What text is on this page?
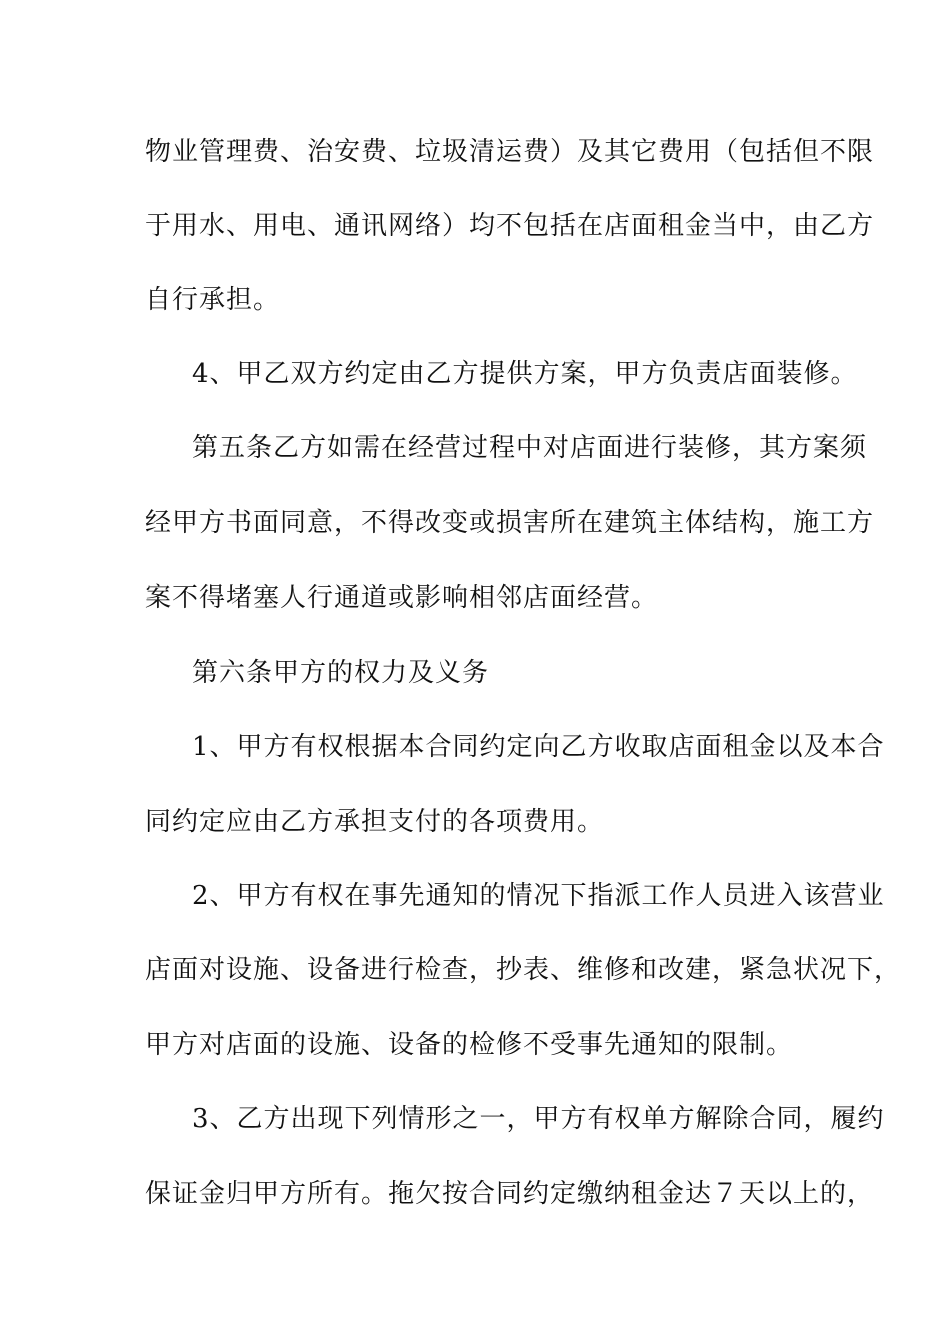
物业管理费、治安费、垃圾清运费）及其它费用（包括但不限
于用水、用电、通讯网络）均不包括在店面租金当中，由乙方
自行承担。
4、甲乙双方约定由乙方提供方案，甲方负责店面装修。
第五条乙方如需在经营过程中对店面进行装修，其方案须
经甲方书面同意，不得改变或损害所在建筑主体结构，施工方
案不得堵塞人行通道或影响相邻店面经营。
第六条甲方的权力及义务
1、甲方有权根据本合同约定向乙方收取店面租金以及本合
同约定应由乙方承担支付的各项费用。
2、甲方有权在事先通知的情况下指派工作人员进入该营业
店面对设施、设备进行检查，抄表、维修和改建，紧急状况下，
甲方对店面的设施、设备的检修不受事先通知的限制。
3、乙方出现下列情形之一，甲方有权单方解除合同，履约
保证金归甲方所有。拖欠按合同约定缴纳租金达７天以上的，
